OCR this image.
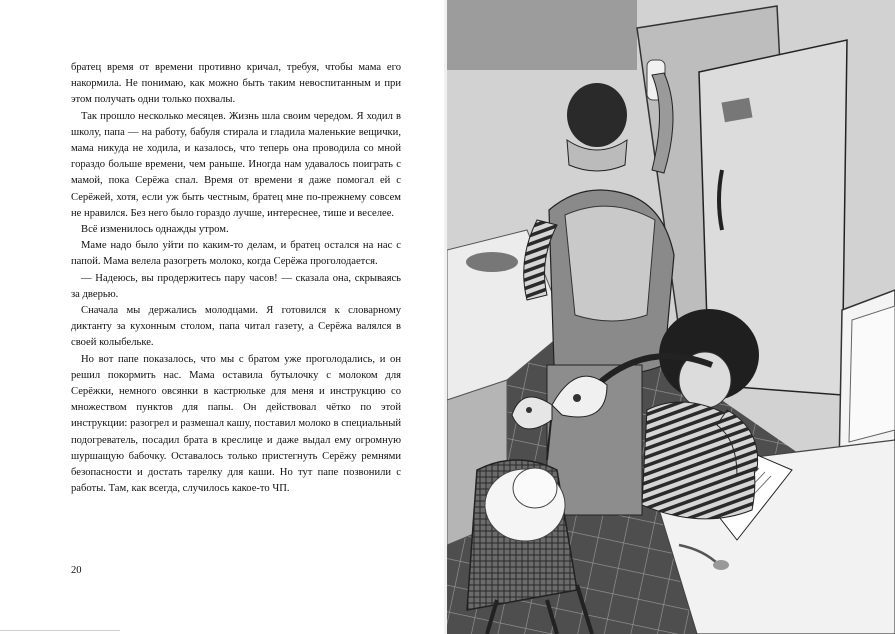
братец время от времени противно кричал, требуя, чтобы мама его накормила. Не понимаю, как можно быть таким невоспитанным и при этом получать одни только похвалы.

Так прошло несколько месяцев. Жизнь шла своим чередом. Я ходил в школу, папа — на работу, бабуля стирала и гладила маленькие вещички, мама никуда не ходила, и казалось, что теперь она проводила со мной гораздо больше времени, чем раньше. Иногда нам удавалось поиграть с мамой, пока Серёжа спал. Время от времени я даже помогал ей с Серёжей, хотя, если уж быть честным, братец мне по-прежнему совсем не нравился. Без него было гораздо лучше, интереснее, тише и веселее.

Всё изменилось однажды утром.

Маме надо было уйти по каким-то делам, и братец остался на нас с папой. Мама велела разогреть молоко, когда Серёжа проголодается.

— Надеюсь, вы продержитесь пару часов! — сказала она, скрываясь за дверью.

Сначала мы держались молодцами. Я готовился к словарному диктанту за кухонным столом, папа читал газету, а Серёжа валялся в своей колыбельке.

Но вот папе показалось, что мы с братом уже проголодались, и он решил покормить нас. Мама оставила бутылочку с молоком для Серёжки, немного овсянки в кастрюльке для меня и инструкцию со множеством пунктов для папы. Он действовал чётко по этой инструкции: разогрел и размешал кашу, поставил молоко в специальный подогреватель, посадил брата в креслице и даже выдал ему огромную шуршащую бабочку. Оставалось только пристегнуть Серёжу ремнями безопасности и достать тарелку для каши. Но тут папе позвонили с работы. Там, как всегда, случилось какое-то ЧП.

20
